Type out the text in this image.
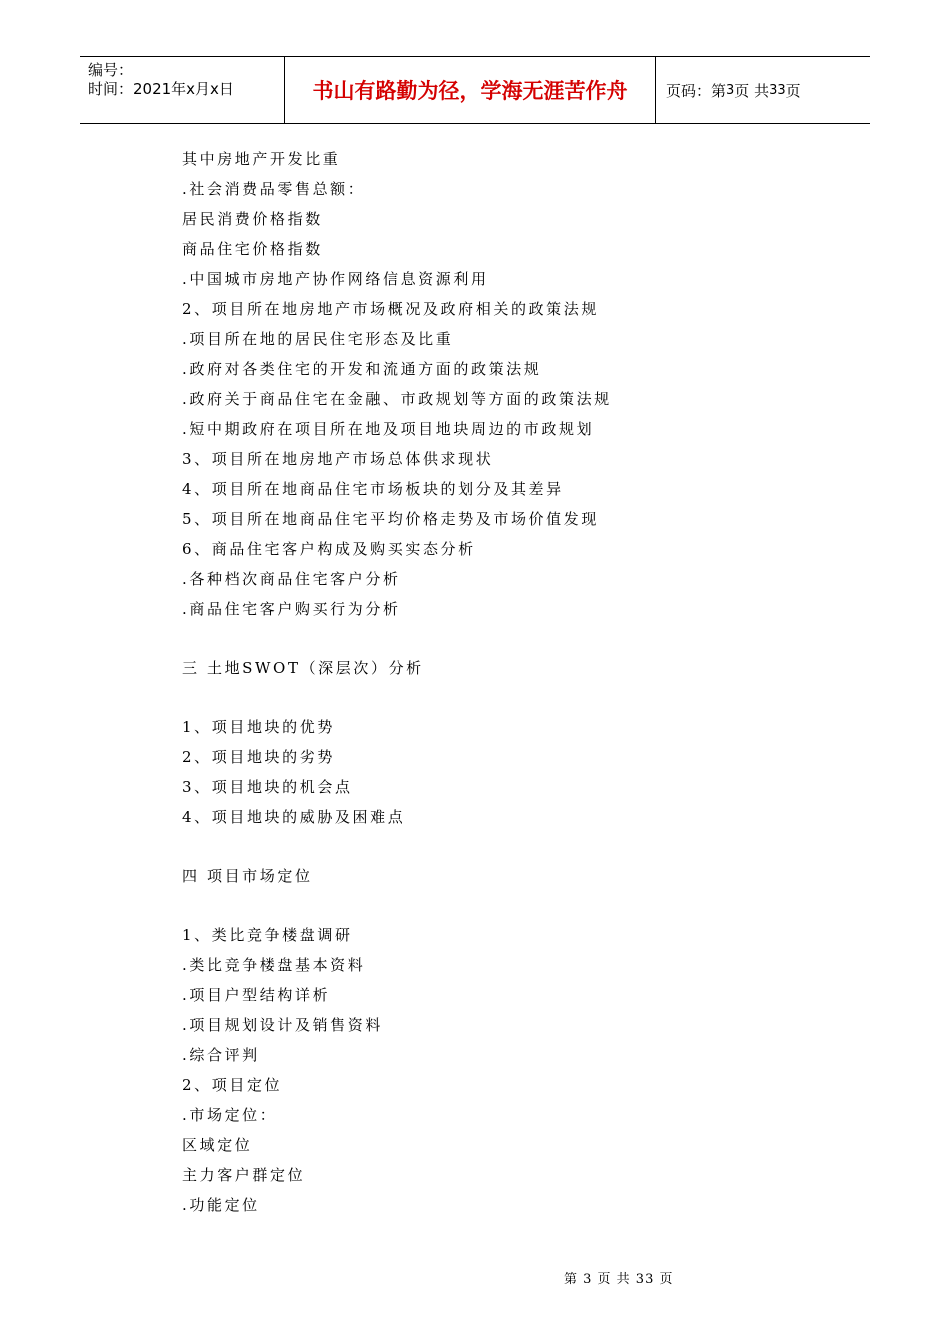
编号：
时间：2021年x月x日	书山有路勤为径，学海无涯苦作舟	页码：第 3 页 共 33 页
其中房地产开发比重
.社会消费品零售总额：
居民消费价格指数
商品住宅价格指数
.中国城市房地产协作网络信息资源利用
2、项目所在地房地产市场概况及政府相关的政策法规
.项目所在地的居民住宅形态及比重
.政府对各类住宅的开发和流通方面的政策法规
.政府关于商品住宅在金融、市政规划等方面的政策法规
.短中期政府在项目所在地及项目地块周边的市政规划
3、项目所在地房地产市场总体供求现状
4、项目所在地商品住宅市场板块的划分及其差异
5、项目所在地商品住宅平均价格走势及市场价值发现
6、商品住宅客户构成及购买实态分析
.各种档次商品住宅客户分析
.商品住宅客户购买行为分析
三 土地SWOT（深层次）分析
1、项目地块的优势
2、项目地块的劣势
3、项目地块的机会点
4、项目地块的威胁及困难点
四 项目市场定位
1、类比竞争楼盘调研
.类比竞争楼盘基本资料
.项目户型结构详析
.项目规划设计及销售资料
.综合评判
2、项目定位
.市场定位：
区域定位
主力客户群定位
.功能定位
第 3 页 共 33 页
